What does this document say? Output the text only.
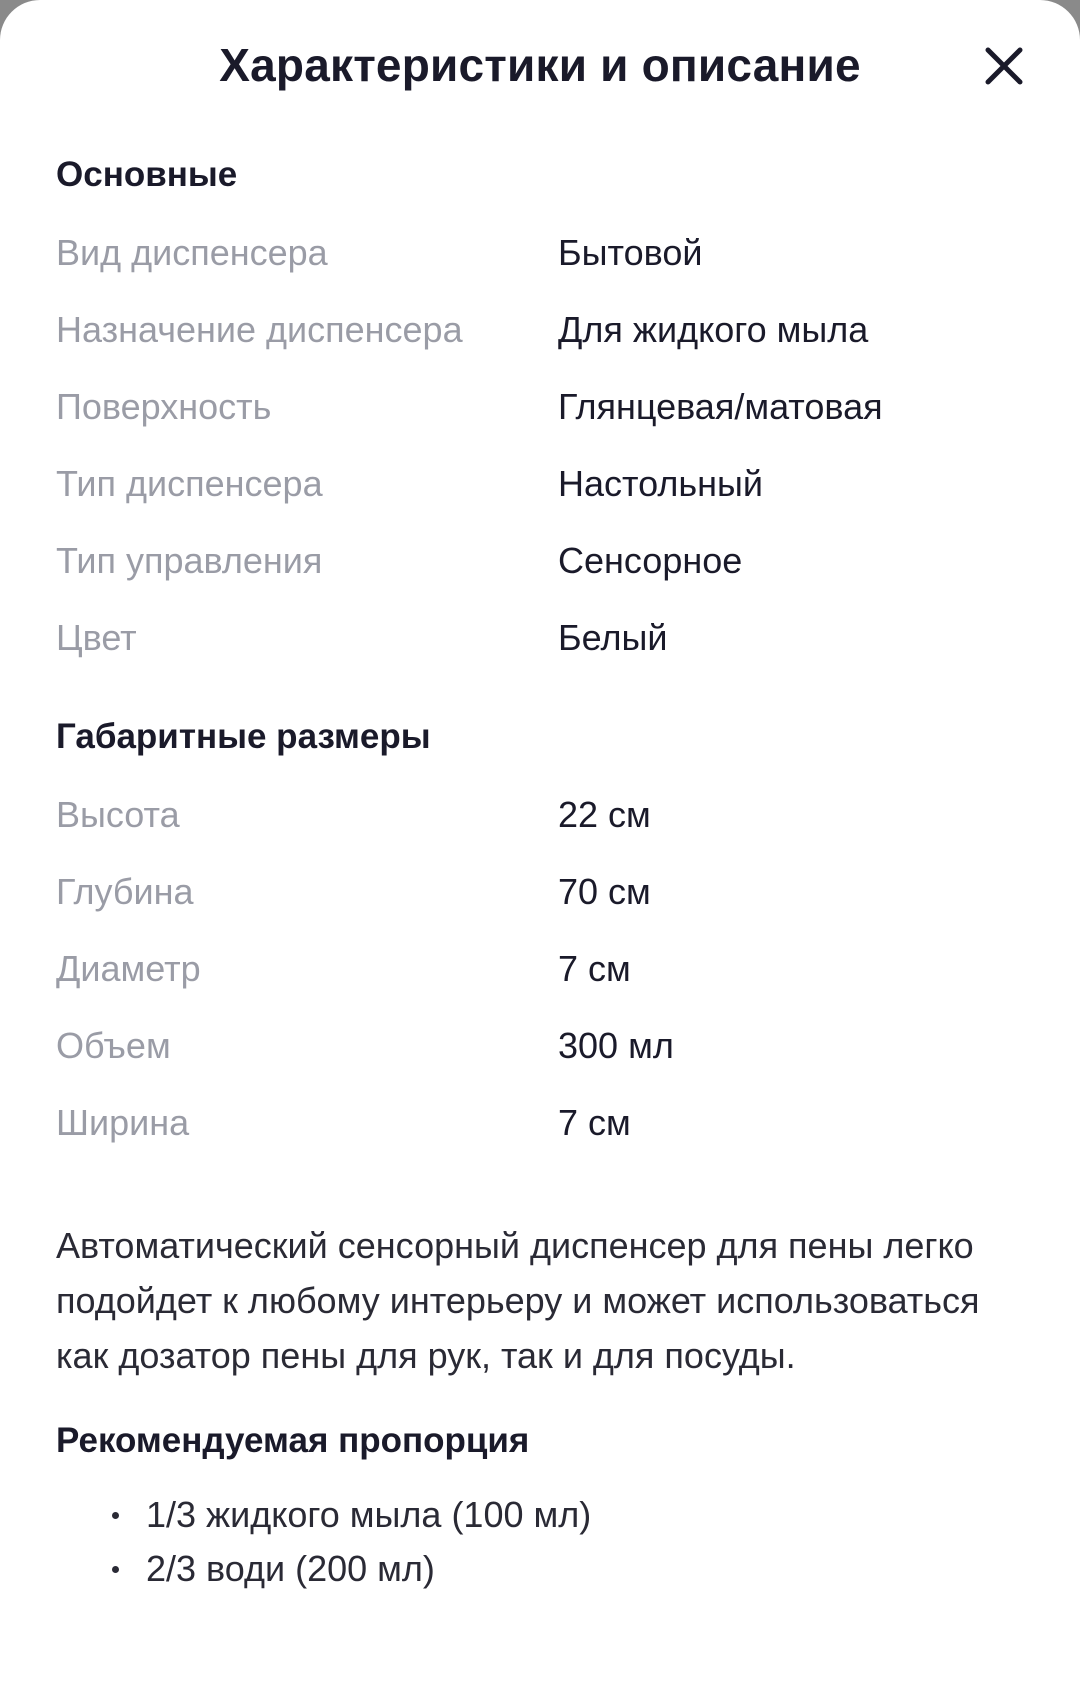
Характеристики и описание
Основные
Вид диспенсера	Бытовой
Назначение диспенсера	Для жидкого мыла
Поверхность	Глянцевая/матовая
Тип диспенсера	Настольный
Тип управления	Сенсорное
Цвет	Белый
Габаритные размеры
Высота	22 см
Глубина	70 см
Диаметр	7 см
Объем	300 мл
Ширина	7 см
Автоматический сенсорный диспенсер для пены легко подойдет к любому интерьеру и может использоваться как дозатор пены для рук, так и для посуды.
Рекомендуемая пропорция
1/3 жидкого мыла (100 мл)
2/3 води (200 мл)
